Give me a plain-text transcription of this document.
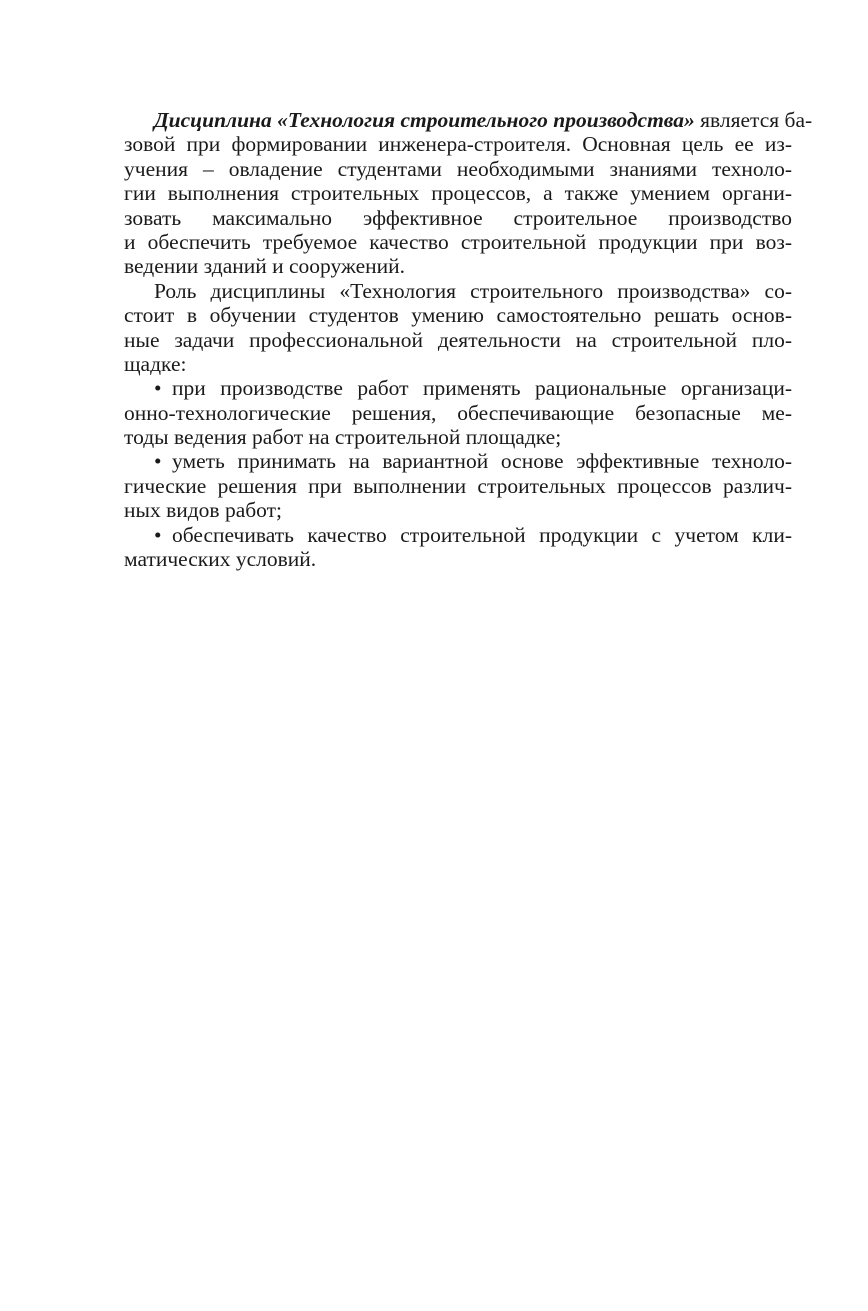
Дисциплина «Технология строительного производства» является ба-
зовой при формировании инженера-строителя. Основная цель ее из-
учения – овладение студентами необходимыми знаниями техноло-
гии выполнения строительных процессов, а также умением органи-
зовать максимально эффективное строительное производство
и обеспечить требуемое качество строительной продукции при воз-
ведении зданий и сооружений.
Роль дисциплины «Технология строительного производства» со-
стоит в обучении студентов умению самостоятельно решать основ-
ные задачи профессиональной деятельности на строительной пло-
щадке:
• при производстве работ применять рациональные организаци-
онно-технологические решения, обеспечивающие безопасные ме-
тоды ведения работ на строительной площадке;
• уметь принимать на вариантной основе эффективные техноло-
гические решения при выполнении строительных процессов различ-
ных видов работ;
• обеспечивать качество строительной продукции с учетом кли-
матических условий.
